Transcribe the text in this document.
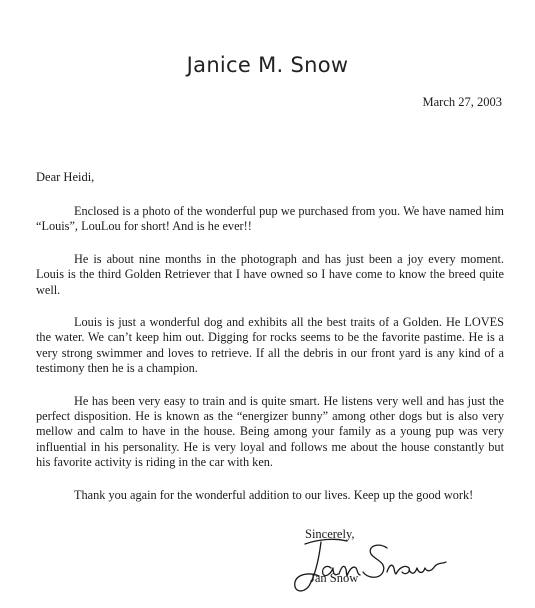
Janice M. Snow
March 27, 2003
Dear Heidi,

Enclosed is a photo of the wonderful pup we purchased from you. We have named him “Louis”, LouLou for short! And is he ever!!

He is about nine months in the photograph and has just been a joy every moment. Louis is the third Golden Retriever that I have owned so I have come to know the breed quite well.

Louis is just a wonderful dog and exhibits all the best traits of a Golden. He LOVES the water. We can’t keep him out. Digging for rocks seems to be the favorite pastime. He is a very strong swimmer and loves to retrieve. If all the debris in our front yard is any kind of a testimony then he is a champion.

He has been very easy to train and is quite smart. He listens very well and has just the perfect disposition. He is known as the “energizer bunny” among other dogs but is also very mellow and calm to have in the house. Being among your family as a young pup was very influential in his personality. He is very loyal and follows me about the house constantly but his favorite activity is riding in the car with ken.

Thank you again for the wonderful addition to our lives. Keep up the good work!

Sincerely,
Jan Snow
